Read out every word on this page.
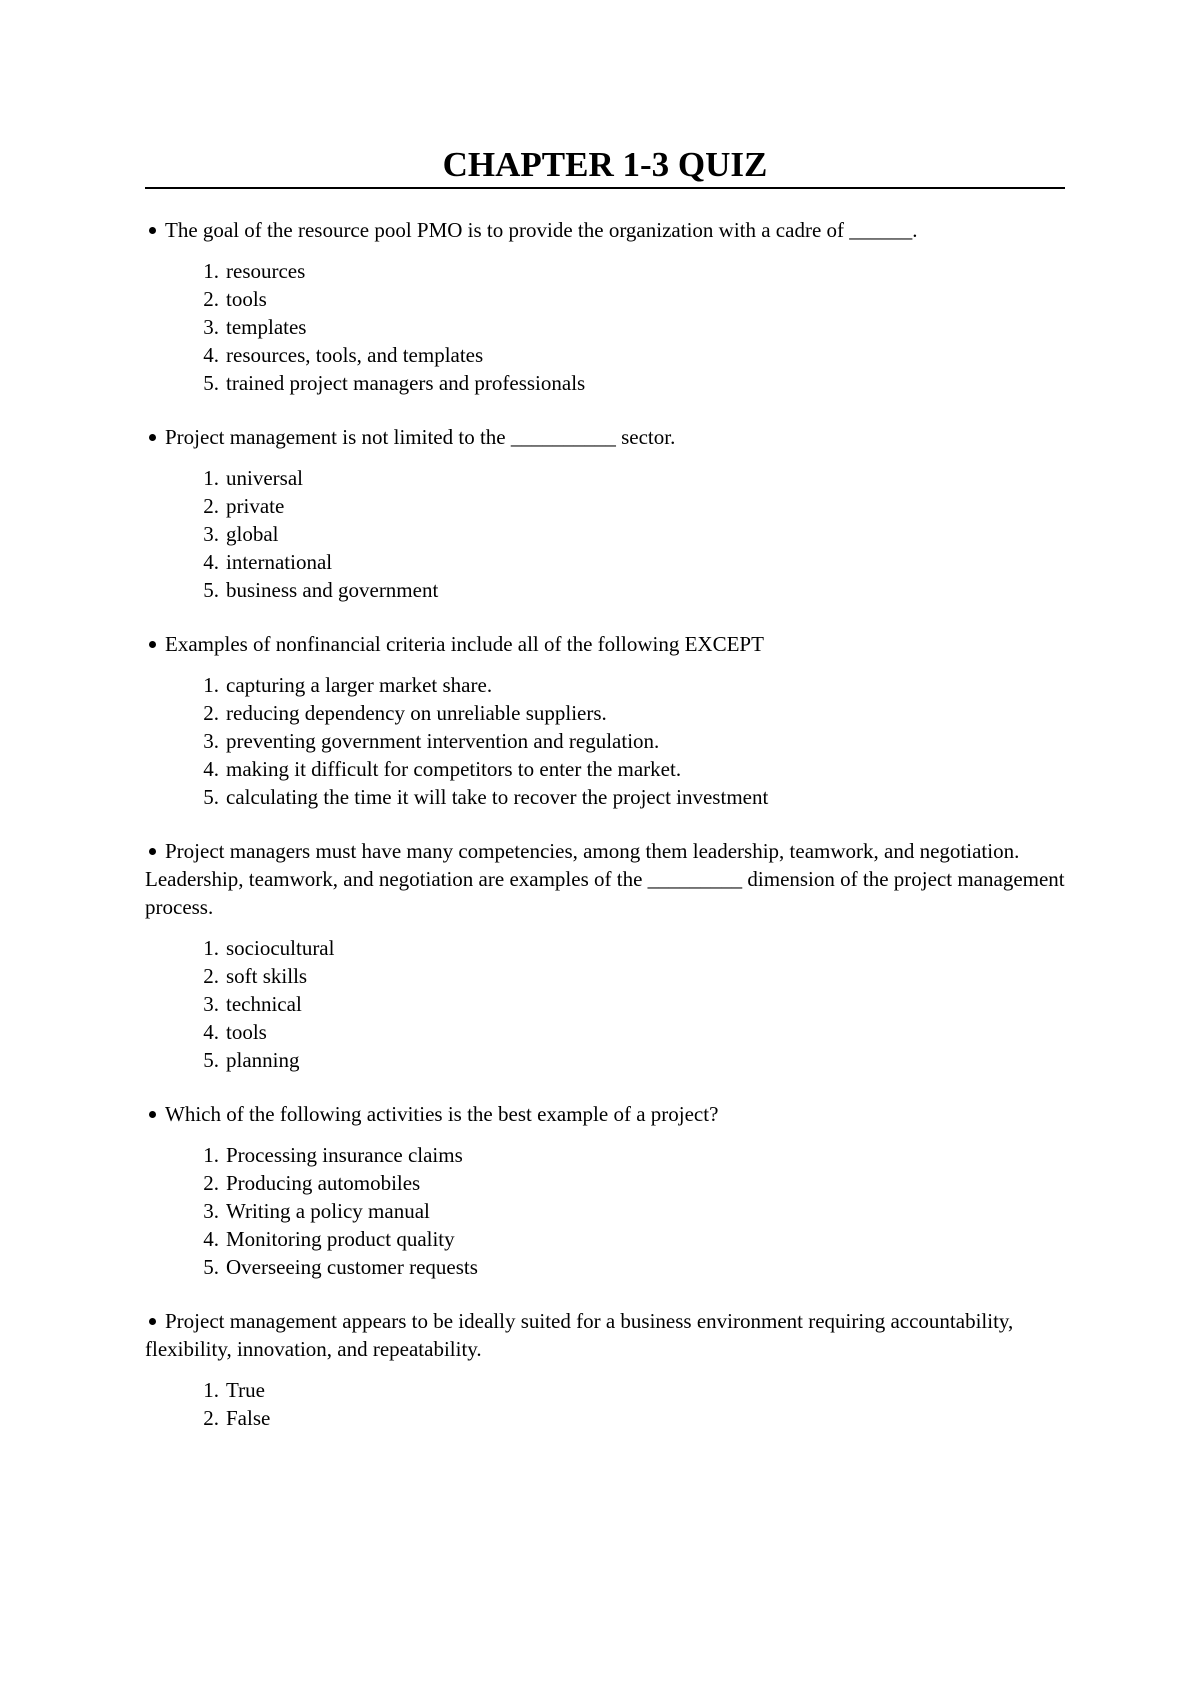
CHAPTER 1-3 QUIZ

The goal of the resource pool PMO is to provide the organization with a cadre of ______.

1. resources
2. tools
3. templates
4. resources, tools, and templates
5. trained project managers and professionals

Project management is not limited to the __________ sector.

1. universal
2. private
3. global
4. international
5. business and government

Examples of nonfinancial criteria include all of the following EXCEPT

1. capturing a larger market share.
2. reducing dependency on unreliable suppliers.
3. preventing government intervention and regulation.
4. making it difficult for competitors to enter the market.
5. calculating the time it will take to recover the project investment

Project managers must have many competencies, among them leadership, teamwork, and negotiation. Leadership, teamwork, and negotiation are examples of the _________ dimension of the project management process.

1. sociocultural
2. soft skills
3. technical
4. tools
5. planning

Which of the following activities is the best example of a project?

1. Processing insurance claims
2. Producing automobiles
3. Writing a policy manual
4. Monitoring product quality
5. Overseeing customer requests

Project management appears to be ideally suited for a business environment requiring accountability, flexibility, innovation, and repeatability.

1. True
2. False
